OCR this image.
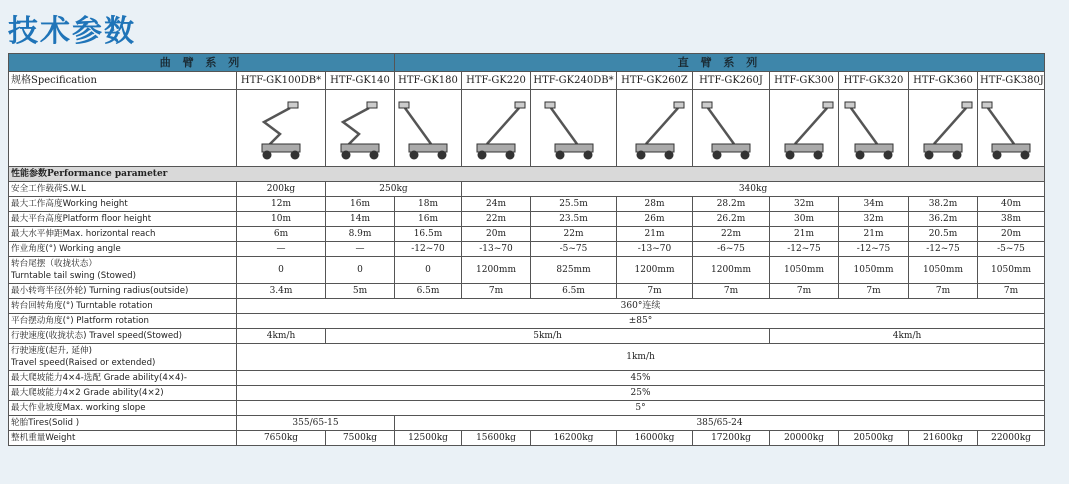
技术参数
曲 臂 系 列			直 臂 系 列								
规格Specification	HTF-GK100DB*	HTF-GK140	HTF-GK180	HTF-GK220	HTF-GK240DB*	HTF-GK260Z	HTF-GK260J	HTF-GK300	HTF-GK320	HTF-GK360	HTF-GK380J

性能参数Performance parameter											
安全工作载荷S.W.L	200kg	250kg		340kg							
最大工作高度Working height	12m	16m	18m	24m	25.5m	28m	28.2m	32m	34m	38.2m	40m
最大平台高度Platform floor height	10m	14m	16m	22m	23.5m	26m	26.2m	30m	32m	36.2m	38m
最大水平伸距Max. horizontal reach	6m	8.9m	16.5m	20m	22m	21m	22m	21m	21m	20.5m	20m
作业角度(°) Working angle	—	—	-12~70	-13~70	-5~75	-13~70	-6~75	-12~75	-12~75	-12~75	-5~75

转台尾摆（收拢状态）
Turntable tail swing (Stowed)	0	0	0	1200mm	825mm	1200mm	1200mm	1050mm	1050mm	1050mm	1050mm
最小转弯半径(外轮) Turning radius(outside)	3.4m	5m	6.5m	7m	6.5m	7m	7m	7m	7m	7m	7m
转台回转角度(°) Turntable rotation	360°连续										
平台摆动角度(°) Platform rotation	±85°										
行驶速度(收拢状态) Travel speed(Stowed)	4km/h	5km/h						4km/h			

行驶速度(起升, 延伸)
Travel speed(Raised or extended)	1km/h										
最大爬坡能力4×4-选配 Grade ability(4×4)-	45%										
最大爬坡能力4×2 Grade ability(4×2)	25%										
最大作业坡度Max. working slope	5°										
轮胎Tires(Solid )	355/65-15		385/65-24								
整机重量Weight	7650kg	7500kg	12500kg	15600kg	16200kg	16000kg	17200kg	20000kg	20500kg	21600kg	22000kg
